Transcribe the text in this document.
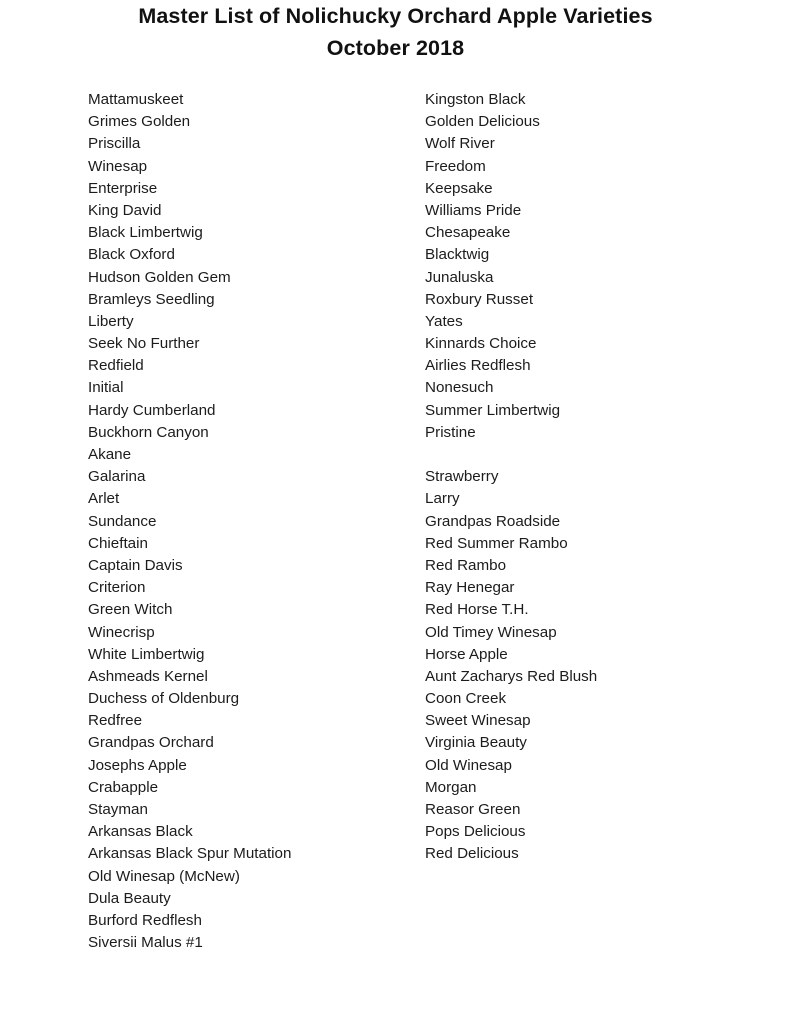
Master List of Nolichucky Orchard Apple Varieties
October 2018
Mattamuskeet
Grimes Golden
Priscilla
Winesap
Enterprise
King David
Black Limbertwig
Black Oxford
Hudson Golden Gem
Bramleys Seedling
Liberty
Seek No Further
Redfield
Initial
Hardy Cumberland
Buckhorn Canyon
Akane
Galarina
Arlet
Sundance
Chieftain
Captain Davis
Criterion
Green Witch
Winecrisp
White Limbertwig
Ashmeads Kernel
Duchess of Oldenburg
Redfree
Grandpas Orchard
Josephs Apple
Crabapple
Stayman
Arkansas Black
Arkansas Black Spur Mutation
Old Winesap (McNew)
Dula Beauty
Burford Redflesh
Siversii Malus #1
Kingston Black
Golden Delicious
Wolf River
Freedom
Keepsake
Williams Pride
Chesapeake
Blacktwig
Junaluska
Roxbury Russet
Yates
Kinnards Choice
Airlies Redflesh
Nonesuch
Summer Limbertwig
Pristine
Strawberry
Larry
Grandpas Roadside
Red Summer Rambo
Red Rambo
Ray Henegar
Red Horse T.H.
Old Timey Winesap
Horse Apple
Aunt Zacharys Red Blush
Coon Creek
Sweet Winesap
Virginia Beauty
Old Winesap
Morgan
Reasor Green
Pops Delicious
Red Delicious
